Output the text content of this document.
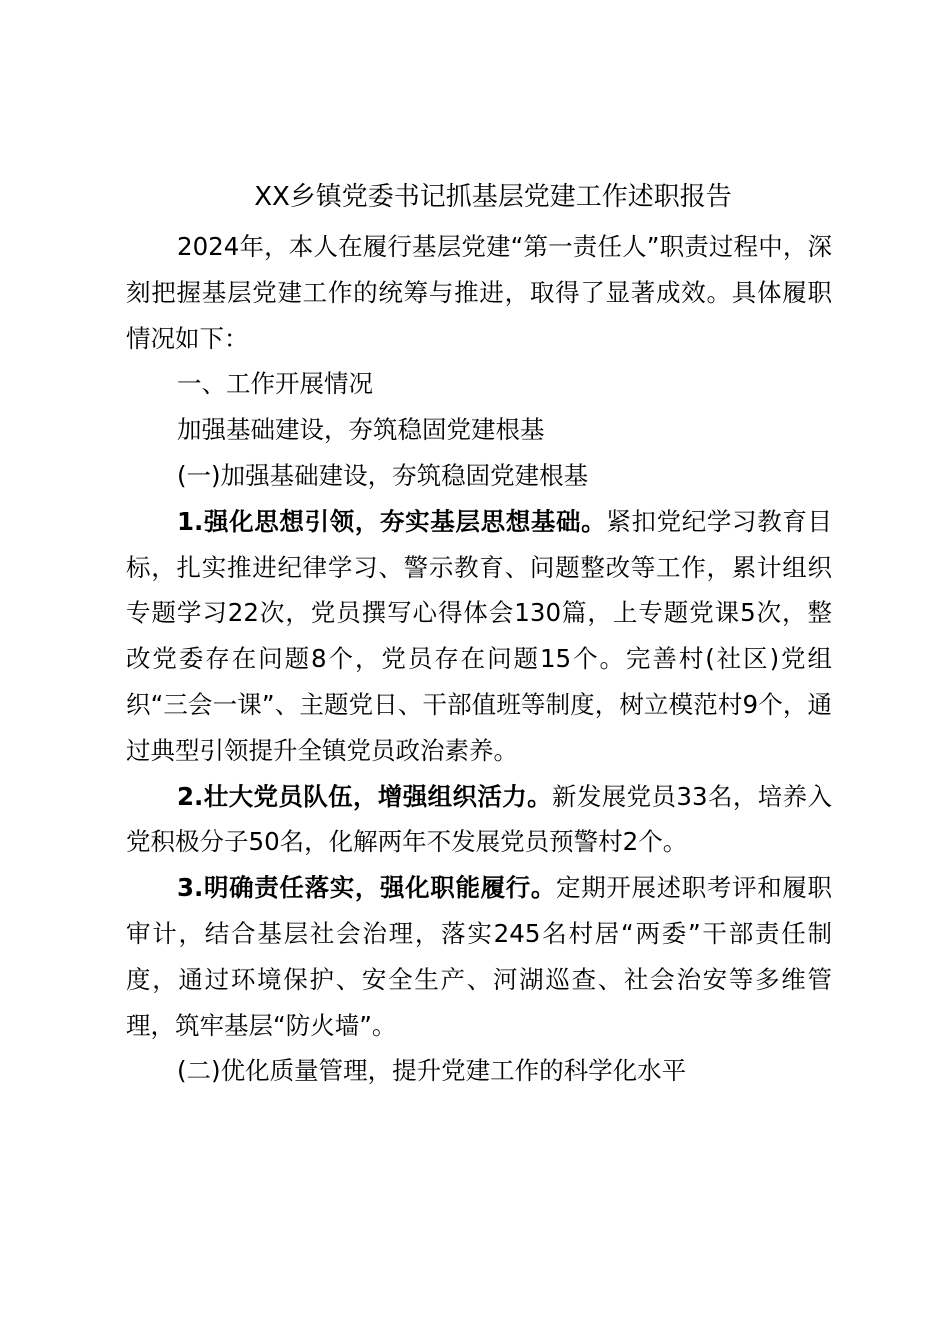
XX乡镇党委书记抓基层党建工作述职报告

2024年，本人在履行基层党建“第一责任人”职责过程中，深刻把握基层党建工作的统筹与推进，取得了显著成效。具体履职情况如下：

一、工作开展情况

加强基础建设，夯筑稳固党建根基

(一)加强基础建设，夯筑稳固党建根基

1.强化思想引领，夯实基层思想基础。紧扣党纪学习教育目标，扎实推进纪律学习、警示教育、问题整改等工作，累计组织专题学习22次，党员撰写心得体会130篇，上专题党课5次，整改党委存在问题8个，党员存在问题15个。完善村(社区)党组织“三会一课”、主题党日、干部值班等制度，树立模范村9个，通过典型引领提升全镇党员政治素养。

2.壮大党员队伍，增强组织活力。新发展党员33名，培养入党积极分子50名，化解两年不发展党员预警村2个。

3.明确责任落实，强化职能履行。定期开展述职考评和履职审计，结合基层社会治理，落实245名村居“两委”干部责任制度，通过环境保护、安全生产、河湖巡查、社会治安等多维管理，筑牢基层“防火墙”。

(二)优化质量管理，提升党建工作的科学化水平
